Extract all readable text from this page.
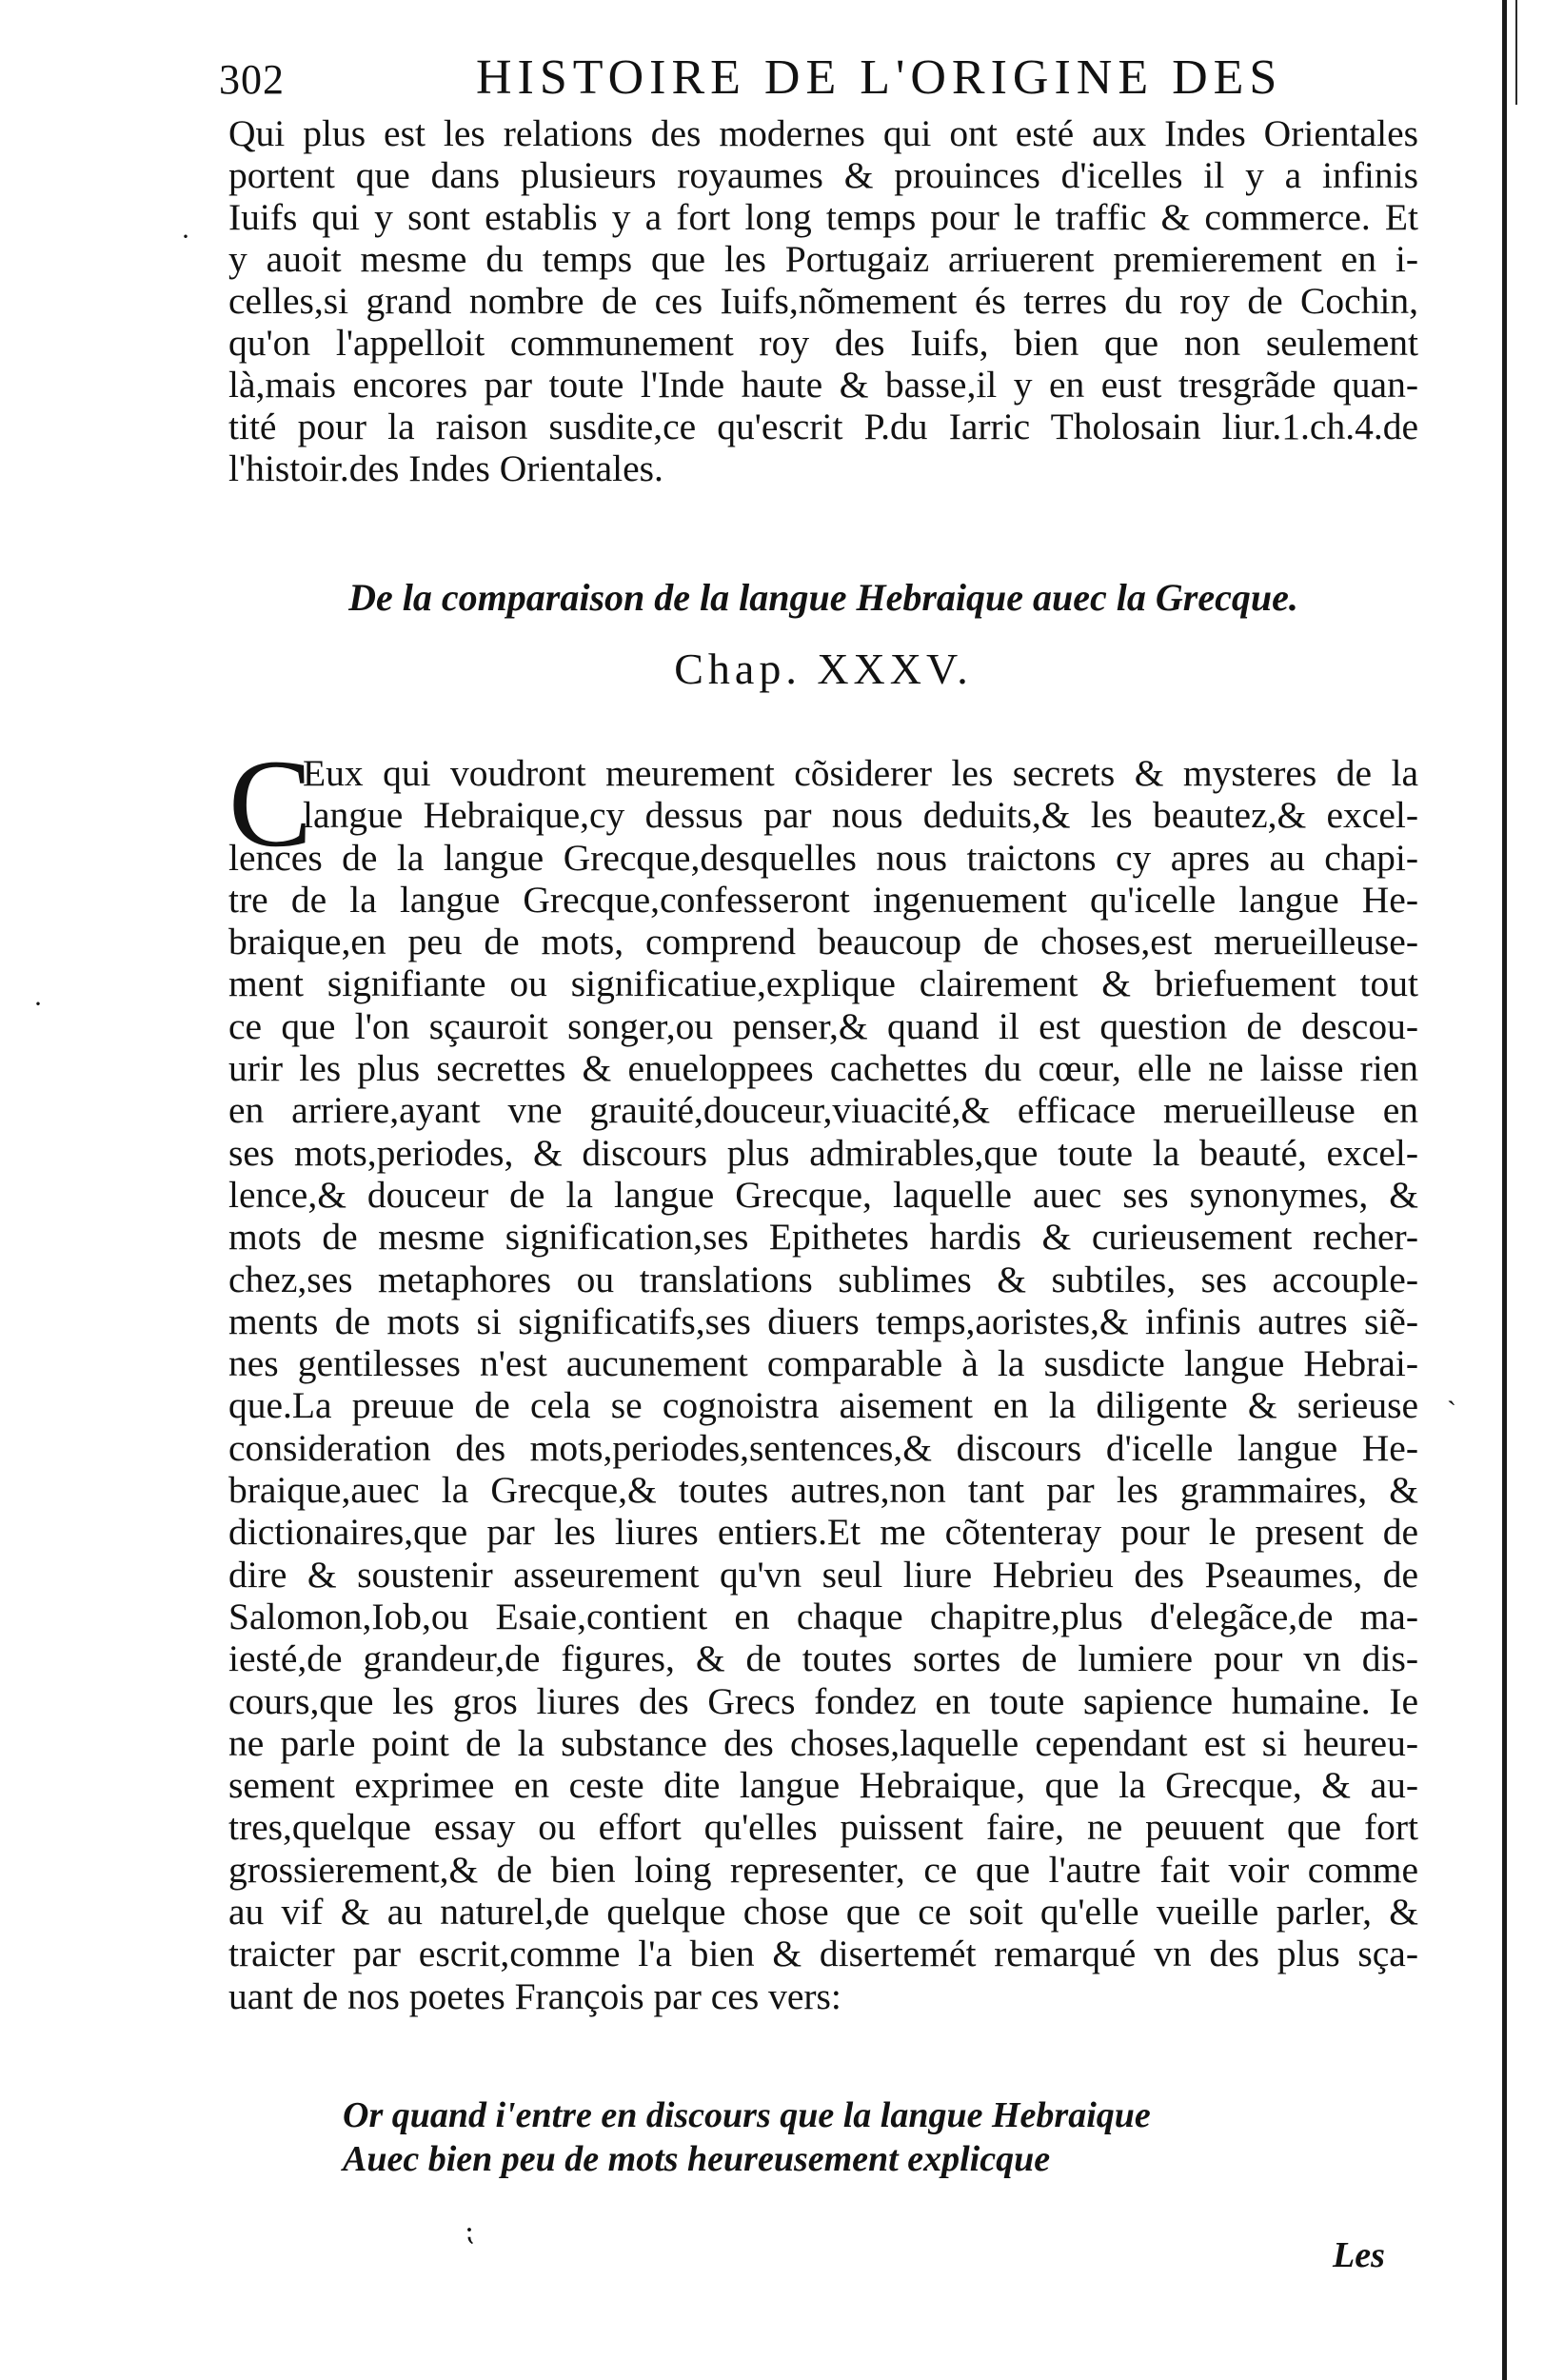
302	HISTOIRE DE L'ORIGINE DES
Qui plus est les relations des modernes qui ont esté aux Indes Orientales
portent que dans plusieurs royaumes & prouinces d'icelles il y a infinis
Iuifs qui y sont establis y a fort long temps pour le traffic & commerce. Et
y auoit mesme du temps que les Portugaiz arriuerent premierement en i-
celles,si grand nombre de ces Iuifs,nõmement és terres du roy de Cochin,
qu'on l'appelloit communement roy des Iuifs, bien que non seulement
là,mais encores par toute l'Inde haute & basse,il y en eust tresgrãde quan-
tité pour la raison susdite,ce qu'escrit P.du Iarric Tholosain liur.1.ch.4.de
l'histoir.des Indes Orientales.
De la comparaison de la langue Hebraique auec la Grecque.
Chap. XXXV.
C
Eux qui voudront meurement cõsiderer les secrets & mysteres de la
langue Hebraique,cy dessus par nous deduits,& les beautez,& excel-
lences de la langue Grecque,desquelles nous traictons cy apres au chapi-
tre de la langue Grecque,confesseront ingenuement qu'icelle langue He-
braique,en peu de mots, comprend beaucoup de choses,est merueilleuse-
ment signifiante ou significatiue,explique clairement & briefuement tout
ce que l'on sçauroit songer,ou penser,& quand il est question de descou-
urir les plus secrettes & enueloppees cachettes du cœur, elle ne laisse rien
en arriere,ayant vne grauité,douceur,viuacité,& efficace merueilleuse en
ses mots,periodes, & discours plus admirables,que toute la beauté, excel-
lence,& douceur de la langue Grecque, laquelle auec ses synonymes, &
mots de mesme signification,ses Epithetes hardis & curieusement recher-
chez,ses metaphores ou translations sublimes & subtiles, ses accouple-
ments de mots si significatifs,ses diuers temps,aoristes,& infinis autres siẽ-
nes gentilesses n'est aucunement comparable à la susdicte langue Hebrai-
que.La preuue de cela se cognoistra aisement en la diligente & serieuse
consideration des mots,periodes,sentences,& discours d'icelle langue He-
braique,auec la Grecque,& toutes autres,non tant par les grammaires, &
dictionaires,que par les liures entiers.Et me cõtenteray pour le present de
dire & soustenir asseurement qu'vn seul liure Hebrieu des Pseaumes, de
Salomon,Iob,ou Esaie,contient en chaque chapitre,plus d'elegãce,de ma-
iesté,de grandeur,de figures, & de toutes sortes de lumiere pour vn dis-
cours,que les gros liures des Grecs fondez en toute sapience humaine. Ie
ne parle point de la substance des choses,laquelle cependant est si heureu-
sement exprimee en ceste dite langue Hebraique, que la Grecque, & au-
tres,quelque essay ou effort qu'elles puissent faire, ne peuuent que fort
grossierement,& de bien loing representer, ce que l'autre fait voir comme
au vif & au naturel,de quelque chose que ce soit qu'elle vueille parler, &
traicter par escrit,comme l'a bien & disertemét remarqué vn des plus sça-
uant de nos poetes François par ces vers:
Or quand i'entre en discours que la langue Hebraique
Auec bien peu de mots heureusement explicque
Les
·
·
ˋ
⁏
